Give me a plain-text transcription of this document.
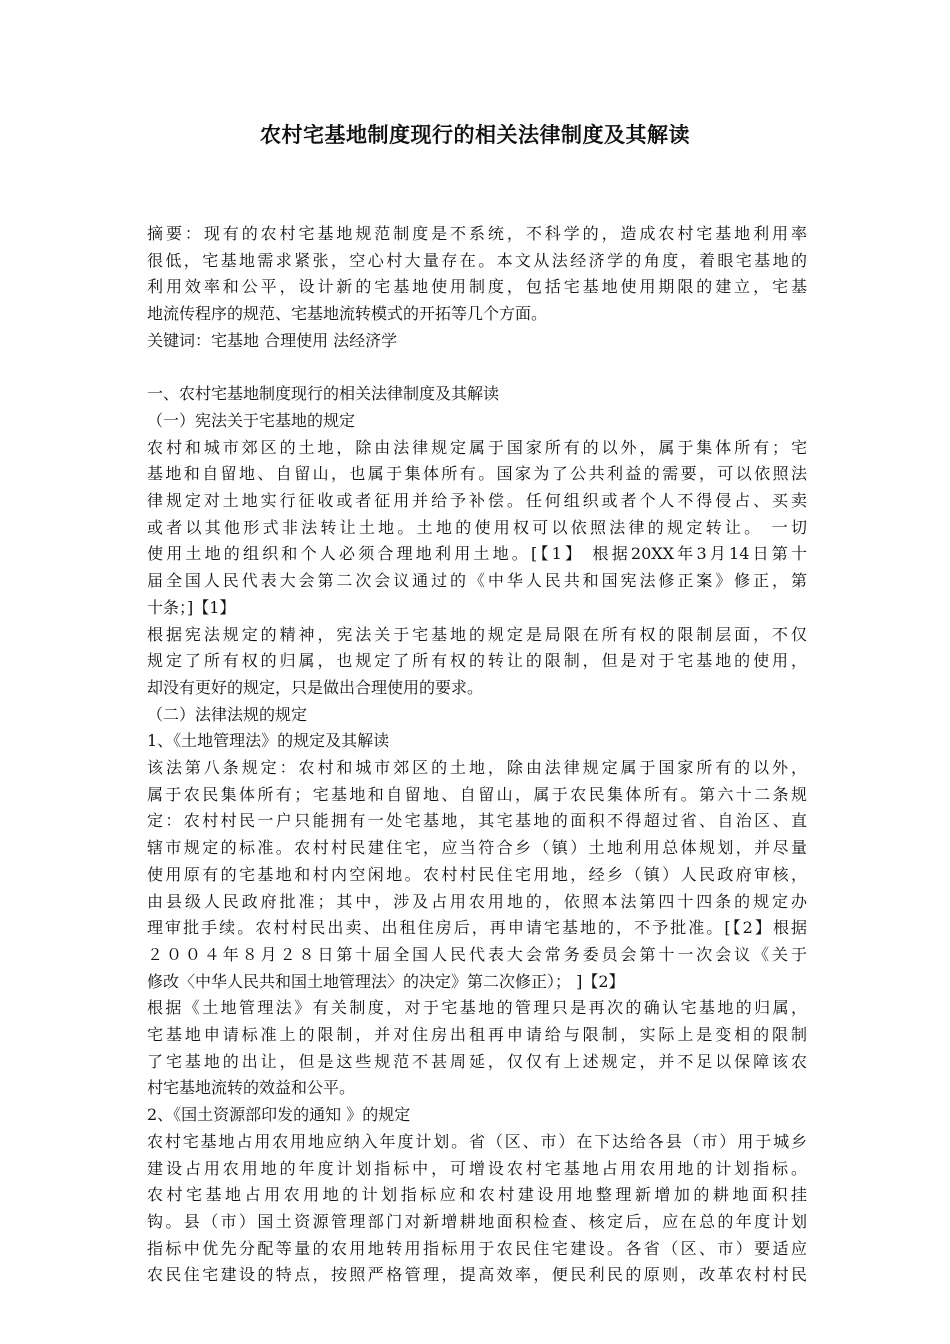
农村宅基地制度现行的相关法律制度及其解读
摘要：现有的农村宅基地规范制度是不系统，不科学的，造成农村宅基地利用率
很低，宅基地需求紧张，空心村大量存在。本文从法经济学的角度，着眼宅基地的
利用效率和公平，设计新的宅基地使用制度，包括宅基地使用期限的建立，宅基
地流传程序的规范、宅基地流转模式的开拓等几个方面。
关键词：宅基地 合理使用 法经济学
一、农村宅基地制度现行的相关法律制度及其解读
（一）宪法关于宅基地的规定
农村和城市郊区的土地，除由法律规定属于国家所有的以外，属于集体所有；宅
基地和自留地、自留山，也属于集体所有。国家为了公共利益的需要，可以依照法
律规定对土地实行征收或者征用并给予补偿。任何组织或者个人不得侵占、买卖
或者以其他形式非法转让土地。土地的使用权可以依照法律的规定转让。 一切
使用土地的组织和个人必须合理地利用土地。[【1】 根据20XX年3月14日第十
届全国人民代表大会第二次会议通过的《中华人民共和国宪法修正案》修正，第
十条；]【1】
根据宪法规定的精神，宪法关于宅基地的规定是局限在所有权的限制层面，不仅
规定了所有权的归属，也规定了所有权的转让的限制，但是对于宅基地的使用，
却没有更好的规定，只是做出合理使用的要求。
（二）法律法规的规定
1、《土地管理法》的规定及其解读
该法第八条规定：农村和城市郊区的土地，除由法律规定属于国家所有的以外，
属于农民集体所有；宅基地和自留地、自留山，属于农民集体所有。第六十二条规
定：农村村民一户只能拥有一处宅基地，其宅基地的面积不得超过省、自治区、直
辖市规定的标准。农村村民建住宅，应当符合乡（镇）土地利用总体规划，并尽量
使用原有的宅基地和村内空闲地。农村村民住宅用地，经乡（镇）人民政府审核，
由县级人民政府批准；其中，涉及占用农用地的，依照本法第四十四条的规定办
理审批手续。农村村民出卖、出租住房后，再申请宅基地的，不予批准。[【2】根据
２００４年８月２８日第十届全国人民代表大会常务委员会第十一次会议《关于
修改〈中华人民共和国土地管理法〉的决定》第二次修正）； ]【2】
根据《土地管理法》有关制度，对于宅基地的管理只是再次的确认宅基地的归属，
宅基地申请标准上的限制，并对住房出租再申请给与限制，实际上是变相的限制
了宅基地的出让，但是这些规范不甚周延，仅仅有上述规定，并不足以保障该农
村宅基地流转的效益和公平。
2、《国土资源部印发的通知 》的规定
农村宅基地占用农用地应纳入年度计划。省（区、市）在下达给各县（市）用于城乡
建设占用农用地的年度计划指标中，可增设农村宅基地占用农用地的计划指标。
农村宅基地占用农用地的计划指标应和农村建设用地整理新增加的耕地面积挂
钩。县（市）国土资源管理部门对新增耕地面积检查、核定后，应在总的年度计划
指标中优先分配等量的农用地转用指标用于农民住宅建设。各省（区、市）要适应
农民住宅建设的特点，按照严格管理，提高效率，便民利民的原则，改革农村村民
